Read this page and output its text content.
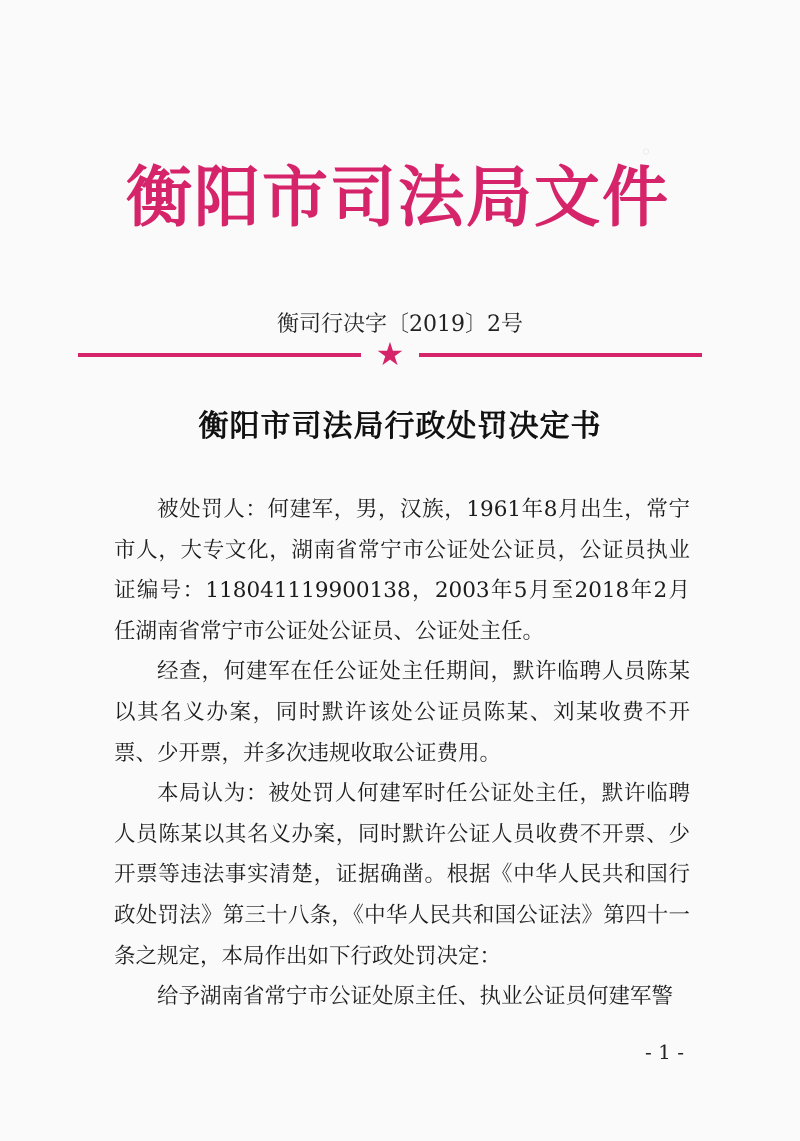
◦
衡阳市司法局文件
衡司行决字〔2019〕2号
★
衡阳市司法局行政处罚决定书

被处罚人：何建军，男，汉族，1961年8月出生，常宁市人，大专文化，湖南省常宁市公证处公证员，公证员执业证编号：118041119900138，2003年5月至2018年2月任湖南省常宁市公证处公证员、公证处主任。

经查，何建军在任公证处主任期间，默许临聘人员陈某以其名义办案，同时默许该处公证员陈某、刘某收费不开票、少开票，并多次违规收取公证费用。

本局认为：被处罚人何建军时任公证处主任，默许临聘人员陈某以其名义办案，同时默许公证人员收费不开票、少开票等违法事实清楚，证据确凿。根据《中华人民共和国行政处罚法》第三十八条，《中华人民共和国公证法》第四十一条之规定，本局作出如下行政处罚决定：

给予湖南省常宁市公证处原主任、执业公证员何建军警

- 1 -
